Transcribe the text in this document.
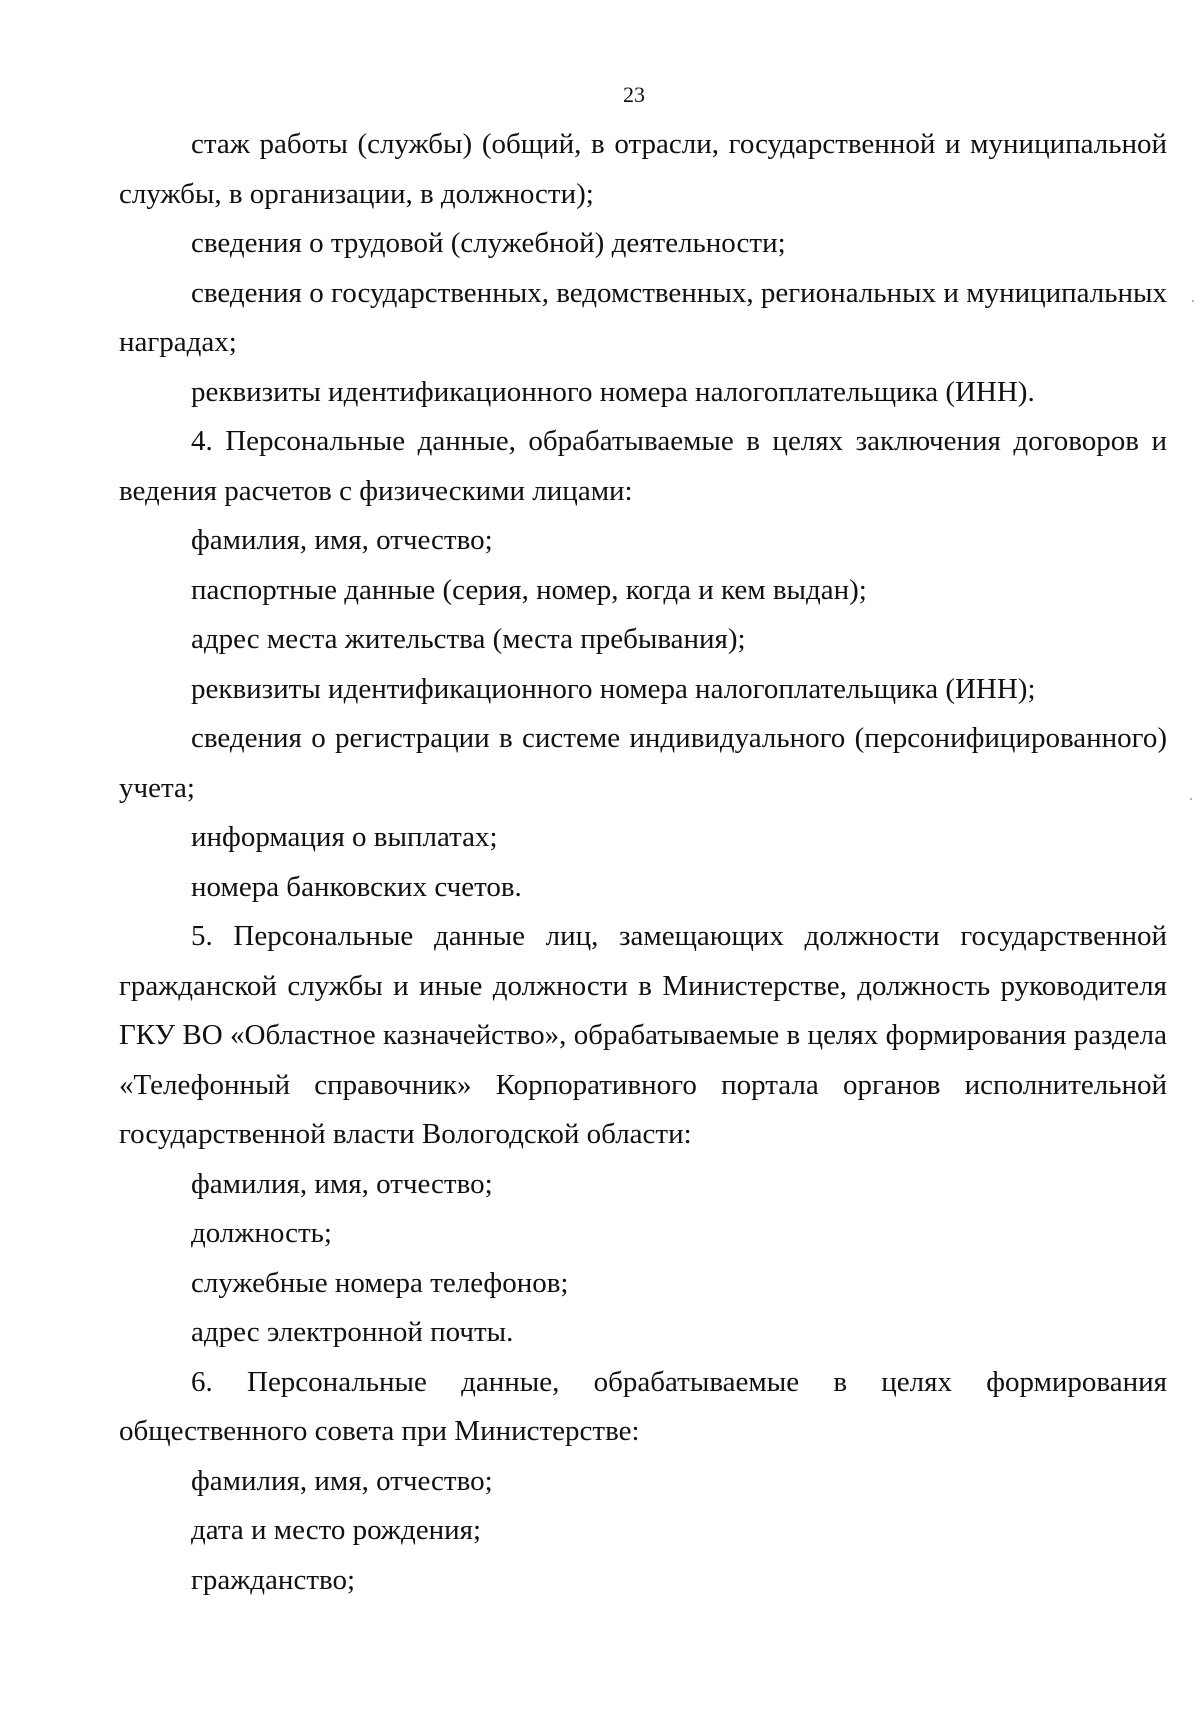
23

стаж работы (службы) (общий, в отрасли, государственной и муниципальной службы, в организации, в должности);

сведения о трудовой (служебной) деятельности;

сведения о государственных, ведомственных, региональных и муниципальных наградах;

реквизиты идентификационного номера налогоплательщика (ИНН).

4. Персональные данные, обрабатываемые в целях заключения договоров и ведения расчетов с физическими лицами:

фамилия, имя, отчество;

паспортные данные (серия, номер, когда и кем выдан);

адрес места жительства (места пребывания);

реквизиты идентификационного номера налогоплательщика (ИНН);

сведения о регистрации в системе индивидуального (персонифицированного) учета;

информация о выплатах;

номера банковских счетов.

5. Персональные данные лиц, замещающих должности государственной гражданской службы и иные должности в Министерстве, должность руководителя ГКУ ВО «Областное казначейство», обрабатываемые в целях формирования раздела «Телефонный справочник» Корпоративного портала органов исполнительной государственной власти Вологодской области:

фамилия, имя, отчество;

должность;

служебные номера телефонов;

адрес электронной почты.

6. Персональные данные, обрабатываемые в целях формирования общественного совета при Министерстве:

фамилия, имя, отчество;

дата и место рождения;

гражданство;
